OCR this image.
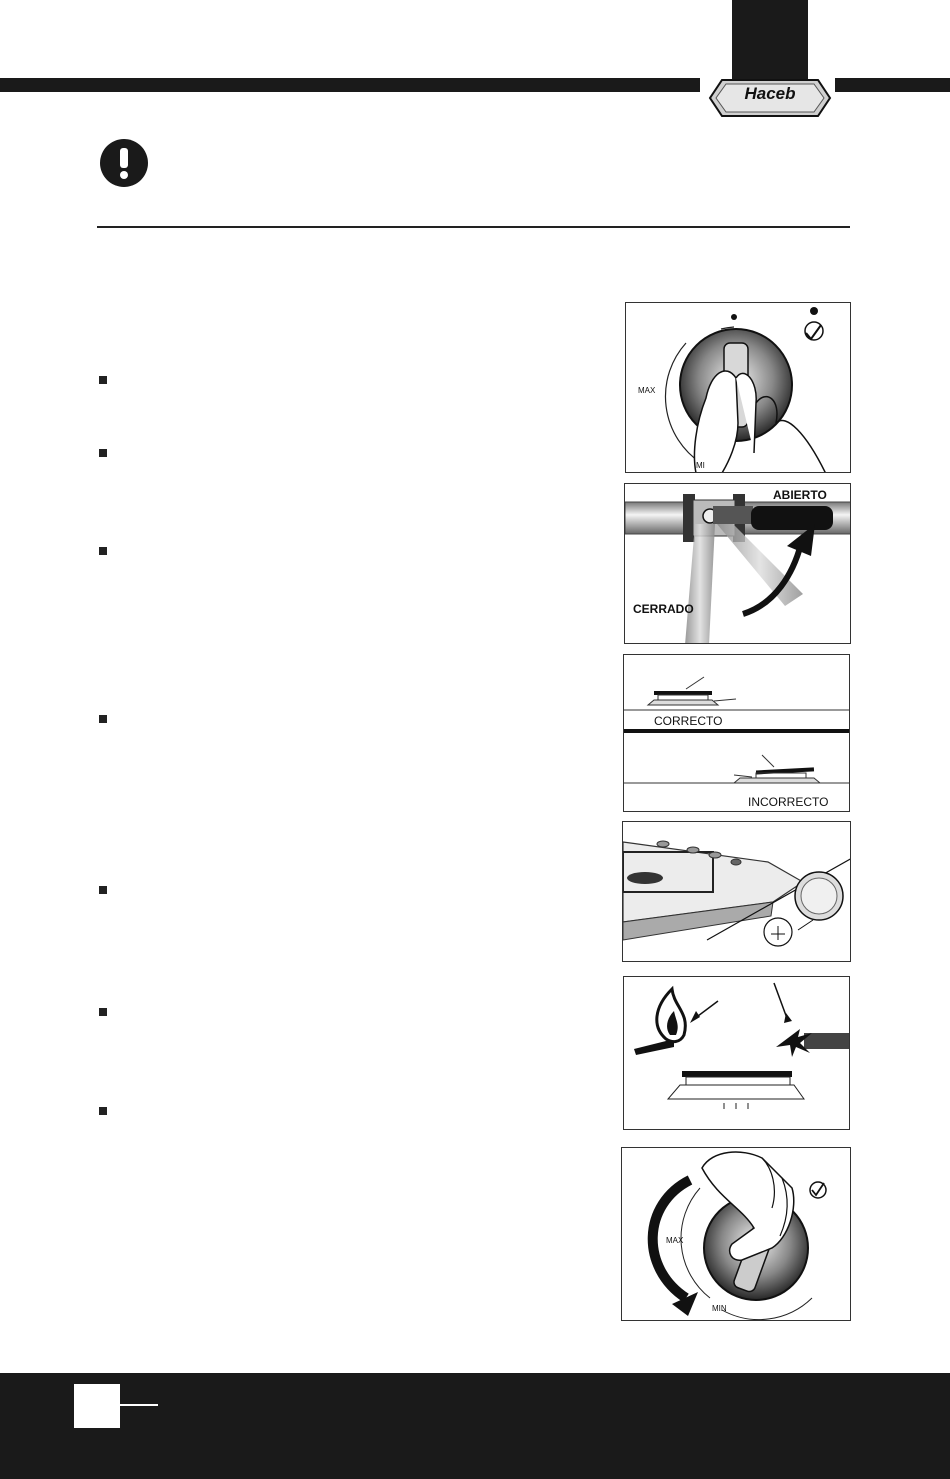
Haceb
MAX
MI
ABIERTO
CERRADO
CORRECTO
INCORRECTO
MAX
MIN
